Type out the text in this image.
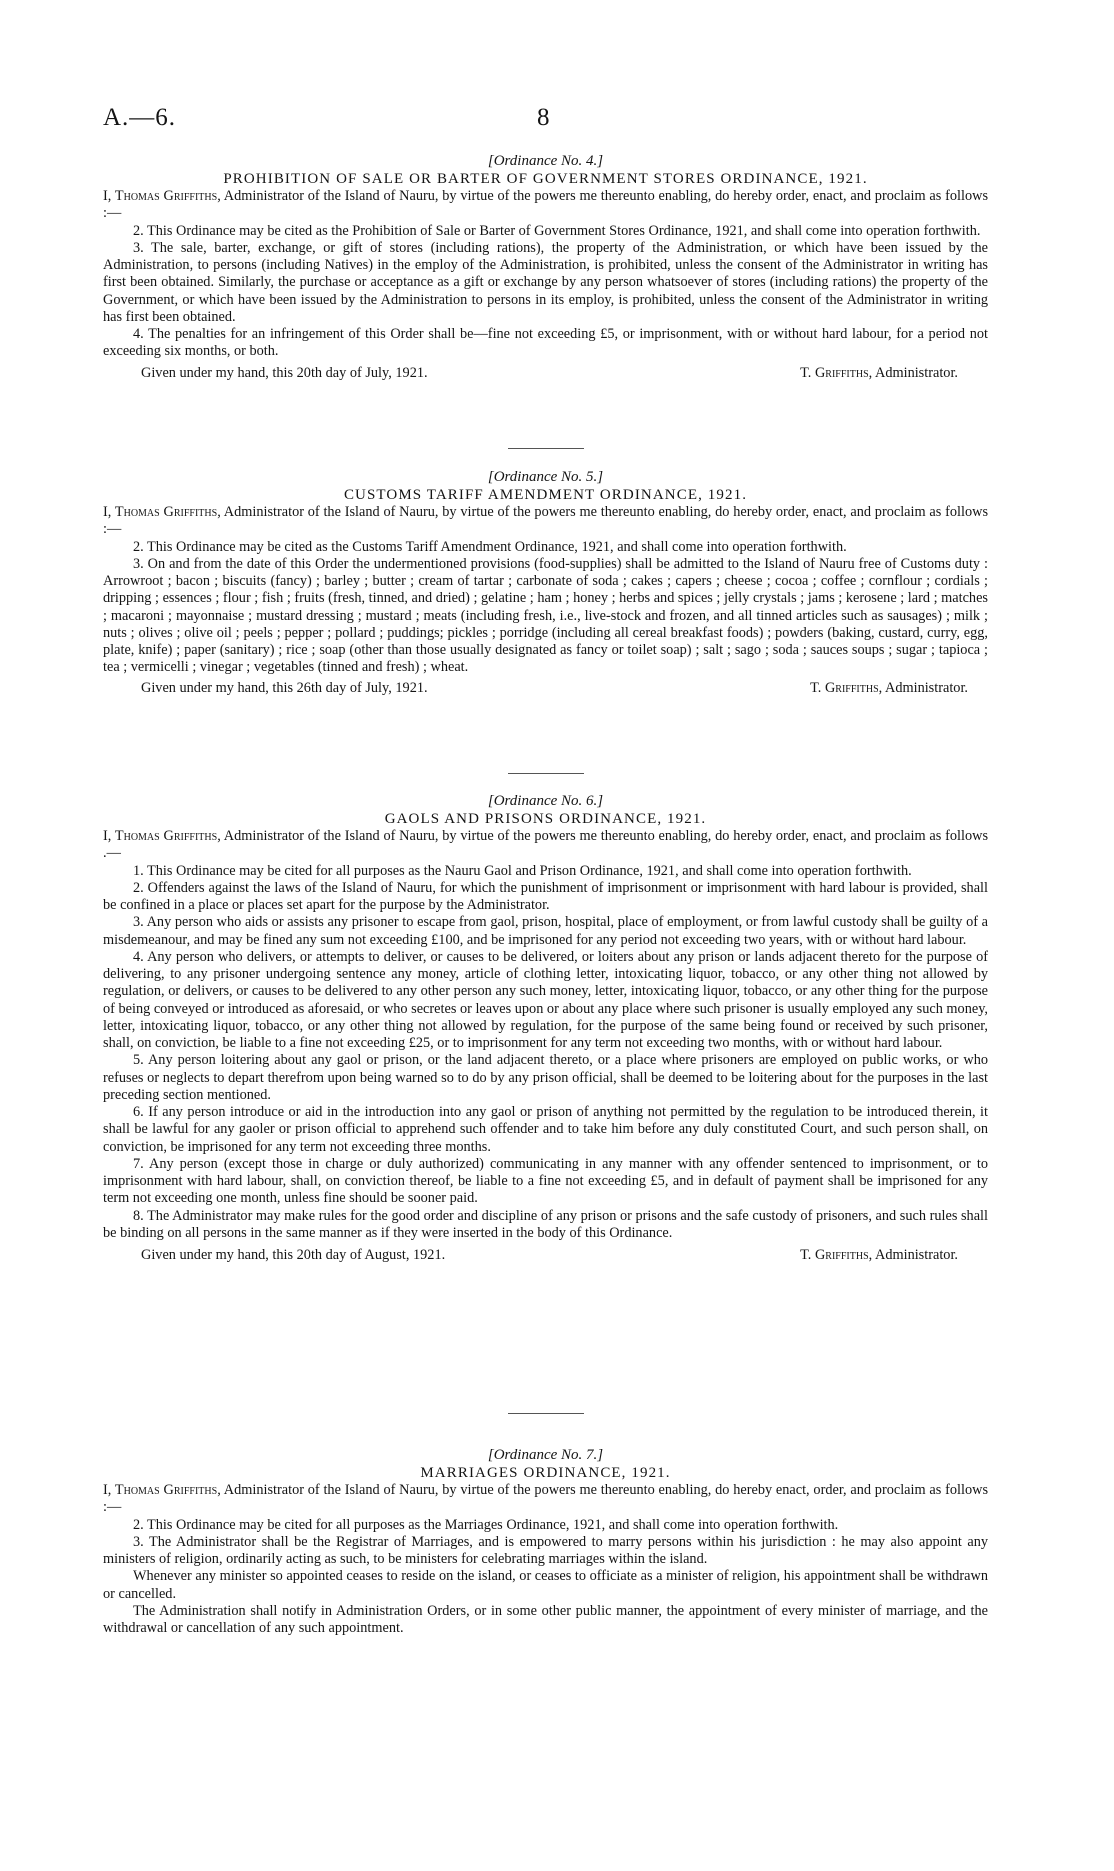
A.—6.	8
[Ordinance No. 4.]
PROHIBITION OF SALE OR BARTER OF GOVERNMENT STORES ORDINANCE, 1921.

I, Thomas Griffiths, Administrator of the Island of Nauru, by virtue of the powers me thereunto enabling, do hereby order, enact, and proclaim as follows :—

2. This Ordinance may be cited as the Prohibition of Sale or Barter of Government Stores Ordinance, 1921, and shall come into operation forthwith.

3. The sale, barter, exchange, or gift of stores (including rations), the property of the Administration, or which have been issued by the Administration, to persons (including Natives) in the employ of the Administration, is prohibited, unless the consent of the Administrator in writing has first been obtained. Similarly, the purchase or acceptance as a gift or exchange by any person whatsoever of stores (including rations) the property of the Government, or which have been issued by the Administration to persons in its employ, is prohibited, unless the consent of the Administrator in writing has first been obtained.

4. The penalties for an infringement of this Order shall be—fine not exceeding £5, or imprisonment, with or without hard labour, for a period not exceeding six months, or both.

Given under my hand, this 20th day of July, 1921.	T. Griffiths, Administrator.
[Ordinance No. 5.]
CUSTOMS TARIFF AMENDMENT ORDINANCE, 1921.

I, Thomas Griffiths, Administrator of the Island of Nauru, by virtue of the powers me thereunto enabling, do hereby order, enact, and proclaim as follows :—

2. This Ordinance may be cited as the Customs Tariff Amendment Ordinance, 1921, and shall come into operation forthwith.

3. On and from the date of this Order the undermentioned provisions (food-supplies) shall be admitted to the Island of Nauru free of Customs duty : Arrowroot ; bacon ; biscuits (fancy) ; barley ; butter ; cream of tartar ; carbonate of soda ; cakes ; capers ; cheese ; cocoa ; coffee ; cornflour ; cordials ; dripping ; essences ; flour ; fish ; fruits (fresh, tinned, and dried) ; gelatine ; ham ; honey ; herbs and spices ; jelly crystals ; jams ; kerosene ; lard ; matches ; macaroni ; mayonnaise ; mustard dressing ; mustard ; meats (including fresh, i.e., live-stock and frozen, and all tinned articles such as sausages) ; milk ; nuts ; olives ; olive oil ; peels ; pepper ; pollard ; puddings; pickles ; porridge (including all cereal breakfast foods) ; powders (baking, custard, curry, egg, plate, knife) ; paper (sanitary) ; rice ; soap (other than those usually designated as fancy or toilet soap) ; salt ; sago ; soda ; sauces soups ; sugar ; tapioca ; tea ; vermicelli ; vinegar ; vegetables (tinned and fresh) ; wheat.

Given under my hand, this 26th day of July, 1921.	T. Griffiths, Administrator.
[Ordinance No. 6.]
GAOLS AND PRISONS ORDINANCE, 1921.

I, Thomas Griffiths, Administrator of the Island of Nauru, by virtue of the powers me thereunto enabling, do hereby order, enact, and proclaim as follows .—

1. This Ordinance may be cited for all purposes as the Nauru Gaol and Prison Ordinance, 1921, and shall come into operation forthwith.

2. Offenders against the laws of the Island of Nauru, for which the punishment of imprisonment or imprisonment with hard labour is provided, shall be confined in a place or places set apart for the purpose by the Administrator.

3. Any person who aids or assists any prisoner to escape from gaol, prison, hospital, place of employment, or from lawful custody shall be guilty of a misdemeanour, and may be fined any sum not exceeding £100, and be imprisoned for any period not exceeding two years, with or without hard labour.

4. Any person who delivers, or attempts to deliver, or causes to be delivered, or loiters about any prison or lands adjacent thereto for the purpose of delivering, to any prisoner undergoing sentence any money, article of clothing letter, intoxicating liquor, tobacco, or any other thing not allowed by regulation, or delivers, or causes to be delivered to any other person any such money, letter, intoxicating liquor, tobacco, or any other thing for the purpose of being conveyed or introduced as aforesaid, or who secretes or leaves upon or about any place where such prisoner is usually employed any such money, letter, intoxicating liquor, tobacco, or any other thing not allowed by regulation, for the purpose of the same being found or received by such prisoner, shall, on conviction, be liable to a fine not exceeding £25, or to imprisonment for any term not exceeding two months, with or without hard labour.

5. Any person loitering about any gaol or prison, or the land adjacent thereto, or a place where prisoners are employed on public works, or who refuses or neglects to depart therefrom upon being warned so to do by any prison official, shall be deemed to be loitering about for the purposes in the last preceding section mentioned.

6. If any person introduce or aid in the introduction into any gaol or prison of anything not permitted by the regulation to be introduced therein, it shall be lawful for any gaoler or prison official to apprehend such offender and to take him before any duly constituted Court, and such person shall, on conviction, be imprisoned for any term not exceeding three months.

7. Any person (except those in charge or duly authorized) communicating in any manner with any offender sentenced to imprisonment, or to imprisonment with hard labour, shall, on conviction thereof, be liable to a fine not exceeding £5, and in default of payment shall be imprisoned for any term not exceeding one month, unless fine should be sooner paid.

8. The Administrator may make rules for the good order and discipline of any prison or prisons and the safe custody of prisoners, and such rules shall be binding on all persons in the same manner as if they were inserted in the body of this Ordinance.

Given under my hand, this 20th day of August, 1921.	T. Griffiths, Administrator.
[Ordinance No. 7.]
MARRIAGES ORDINANCE, 1921.

I, Thomas Griffiths, Administrator of the Island of Nauru, by virtue of the powers me thereunto enabling, do hereby enact, order, and proclaim as follows :—

2. This Ordinance may be cited for all purposes as the Marriages Ordinance, 1921, and shall come into operation forthwith.

3. The Administrator shall be the Registrar of Marriages, and is empowered to marry persons within his jurisdiction : he may also appoint any ministers of religion, ordinarily acting as such, to be ministers for celebrating marriages within the island.

Whenever any minister so appointed ceases to reside on the island, or ceases to officiate as a minister of religion, his appointment shall be withdrawn or cancelled.

The Administration shall notify in Administration Orders, or in some other public manner, the appointment of every minister of marriage, and the withdrawal or cancellation of any such appointment.
